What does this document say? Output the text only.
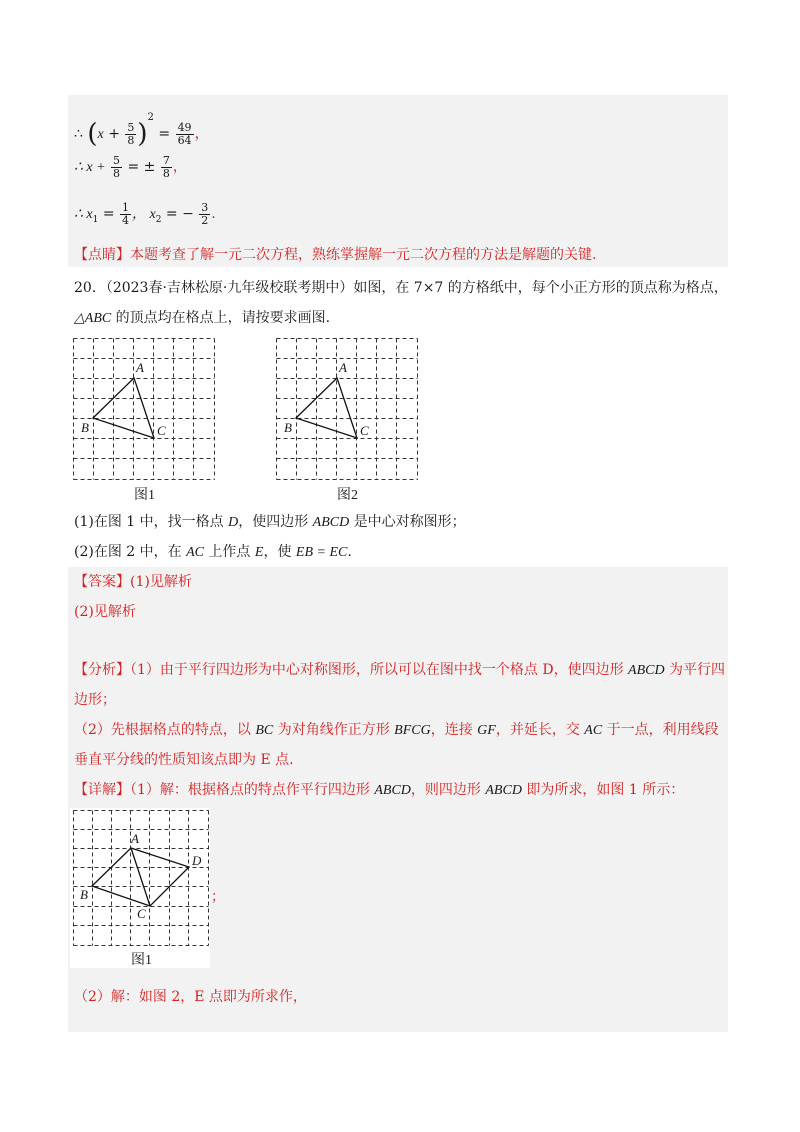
∴ $(x + \frac{5}{8} )^2 = \frac{49}{64}$ ，
∴ $x + \frac{5}{8}$ = ± $\frac{7}{8}$ ，
∴ $x_1 = \frac{1}{4}$ ， $x_2$ = − $\frac{3}{2}$ .
【点睛】本题考查了解一元二次方程，熟练掌握解一元二次方程的方法是解题的关键.
20．（2023春·吉林松原·九年级校联考期中）如图，在 7×7 的方格纸中，每个小正方形的顶点称为格点，
△ABC 的顶点均在格点上，请按要求画图.
A
B	C
图1
A
B	C
图2
(1)在图 1 中，找一格点 D，使四边形 ABCD 是中心对称图形；
(2)在图 2 中，在 AC 上作点 E，使 EB = EC.
【答案】(1)见解析
(2)见解析
【分析】（1）由于平行四边形为中心对称图形，所以可以在图中找一个格点 D，使四边形 ABCD 为平行四
边形；
（2）先根据格点的特点，以 BC 为对角线作正方形 BFCG，连接 GF，并延长，交 AC 于一点，利用线段
垂直平分线的性质知该点即为 E 点.
【详解】（1）解：根据格点的特点作平行四边形 ABCD，则四边形 ABCD 即为所求，如图 1 所示：
A
B
C
D
；
图1
（2）解：如图 2，E 点即为所求作，
